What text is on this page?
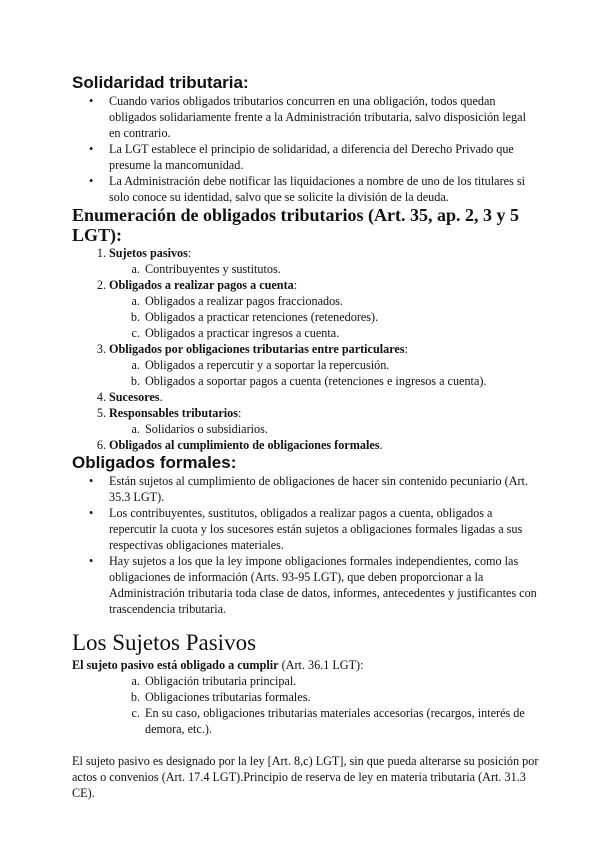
Solidaridad tributaria:
• Cuando varios obligados tributarios concurren en una obligación, todos quedan obligados solidariamente frente a la Administración tributaria, salvo disposición legal en contrario.
• La LGT establece el principio de solidaridad, a diferencia del Derecho Privado que presume la mancomunidad.
• La Administración debe notificar las liquidaciones a nombre de uno de los titulares si solo conoce su identidad, salvo que se solicite la división de la deuda.
Enumeración de obligados tributarios (Art. 35, ap. 2, 3 y 5 LGT):
1. Sujetos pasivos:
a. Contribuyentes y sustitutos.
2. Obligados a realizar pagos a cuenta:
a. Obligados a realizar pagos fraccionados.
b. Obligados a practicar retenciones (retenedores).
c. Obligados a practicar ingresos a cuenta.
3. Obligados por obligaciones tributarias entre particulares:
a. Obligados a repercutir y a soportar la repercusión.
b. Obligados a soportar pagos a cuenta (retenciones e ingresos a cuenta).
4. Sucesores.
5. Responsables tributarios:
a. Solidarios o subsidiarios.
6. Obligados al cumplimiento de obligaciones formales.
Obligados formales:
• Están sujetos al cumplimiento de obligaciones de hacer sin contenido pecuniario (Art. 35.3 LGT).
• Los contribuyentes, sustitutos, obligados a realizar pagos a cuenta, obligados a repercutir la cuota y los sucesores están sujetos a obligaciones formales ligadas a sus respectivas obligaciones materiales.
• Hay sujetos a los que la ley impone obligaciones formales independientes, como las obligaciones de información (Arts. 93-95 LGT), que deben proporcionar a la Administración tributaria toda clase de datos, informes, antecedentes y justificantes con trascendencia tributaria.
Los Sujetos Pasivos

El sujeto pasivo está obligado a cumplir (Art. 36.1 LGT):

a. Obligación tributaria principal.
b. Obligaciones tributarias formales.
c. En su caso, obligaciones tributarias materiales accesorias (recargos, interés de demora, etc.).

El sujeto pasivo es designado por la ley [Art. 8,c) LGT], sin que pueda alterarse su posición por actos o convenios (Art. 17.4 LGT).Principio de reserva de ley en materia tributaria (Art. 31.3 CE).
